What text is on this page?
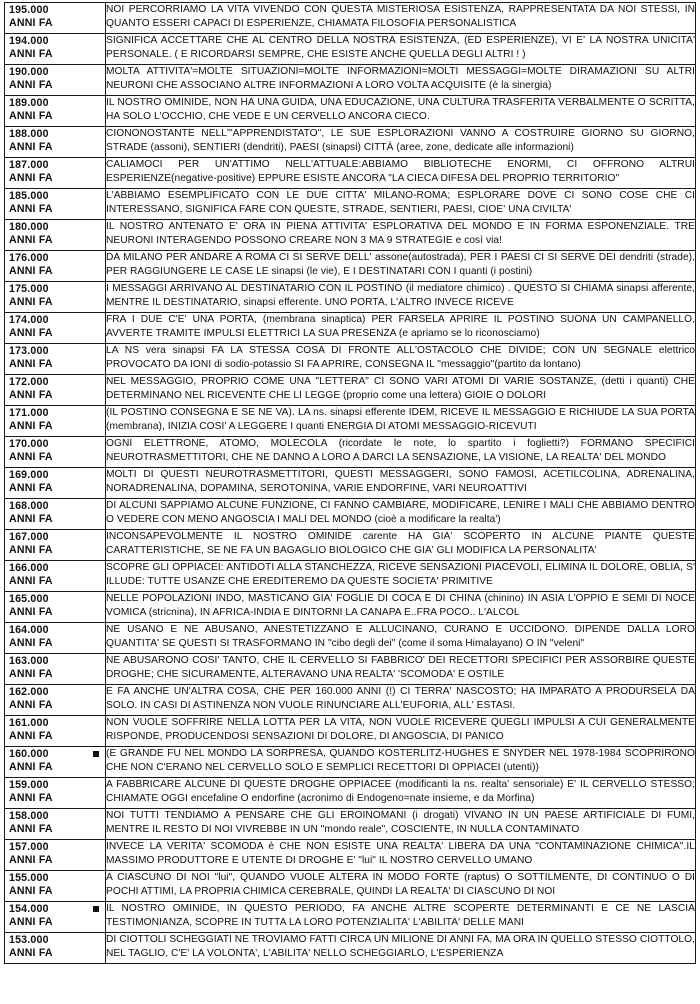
195.000
ANNI FA	NOI PERCORRIAMO LA VITA VIVENDO CON QUESTA MISTERIOSA ESISTENZA, RAPPRESENTATA DA NOI STESSI, IN QUANTO ESSERI CAPACI DI ESPERIENZE, CHIAMATA FILOSOFIA PERSONALISTICA

194.000
ANNI FA	SIGNIFICA ACCETTARE CHE AL CENTRO DELLA NOSTRA ESISTENZA, (ED ESPERIENZE), VI E' LA NOSTRA UNICITA' PERSONALE. ( E RICORDARSI SEMPRE, CHE ESISTE ANCHE QUELLA DEGLI ALTRI ! )

190.000
ANNI FA	MOLTA ATTIVITA'=MOLTE SITUAZIONI=MOLTE INFORMAZIONI=MOLTI MESSAGGI=MOLTE DIRAMAZIONI SU ALTRI NEURONI CHE ASSOCIANO ALTRE INFORMAZIONI A LORO VOLTA ACQUISITE (è la sinergia)

189.000
ANNI FA	IL NOSTRO OMINIDE, NON HA UNA GUIDA, UNA EDUCAZIONE, UNA CULTURA TRASFERITA VERBALMENTE O SCRITTA, HA SOLO L'OCCHIO, CHE VEDE E UN CERVELLO ANCORA CIECO.

188.000
ANNI FA	CIONONOSTANTE NELL'"APPRENDISTATO", LE SUE ESPLORAZIONI VANNO A COSTRUIRE GIORNO SU GIORNO, STRADE (assoni), SENTIERI (dendriti), PAESI (sinapsi) CITTÀ (aree, zone, dedicate alle informazioni)

187.000
ANNI FA	CALIAMOCI PER UN'ATTIMO NELL'ATTUALE:ABBIAMO BIBLIOTECHE ENORMI, CI OFFRONO ALTRUI ESPERIENZE(negative-positive) EPPURE ESISTE ANCORA "LA CIECA DIFESA DEL PROPRIO TERRITORIO"

185.000
ANNI FA	L'ABBIAMO ESEMPLIFICATO CON LE DUE CITTA' MILANO-ROMA; ESPLORARE DOVE CI SONO COSE CHE CI INTERESSANO, SIGNIFICA FARE CON QUESTE, STRADE, SENTIERI, PAESI, CIOE' UNA CIVILTA'

180.000
ANNI FA	IL NOSTRO ANTENATO E' ORA IN PIENA ATTIVITA' ESPLORATIVA DEL MONDO E IN FORMA ESPONENZIALE. TRE NEURONI INTERAGENDO POSSONO CREARE NON 3 MA 9 STRATEGIE e così via!

176.000
ANNI FA	DA MILANO PER ANDARE A ROMA CI SI SERVE DELL' assone(autostrada), PER I PAESI CI SI SERVE DEI dendriti (strade), PER RAGGIUNGERE LE CASE LE sinapsi (le vie), E I DESTINATARI CON I quanti (i postini)

175.000
ANNI FA	I MESSAGGI ARRIVANO AL DESTINATARIO CON IL POSTINO (il mediatore chimico) . QUESTO SI CHIAMA sinapsi afferente, MENTRE IL DESTINATARIO, sinapsi efferente. UNO PORTA, L'ALTRO INVECE RICEVE

174.000
ANNI FA	FRA I DUE C'E' UNA PORTA, (membrana sinaptica) PER FARSELA APRIRE IL POSTINO SUONA UN CAMPANELLO, AVVERTE TRAMITE IMPULSI ELETTRICI LA SUA PRESENZA (e apriamo se lo riconosciamo)

173.000
ANNI FA	LA NS vera sinapsi FA LA STESSA COSA DI FRONTE ALL'OSTACOLO CHE DIVIDE; CON UN SEGNALE elettrico PROVOCATO DA IONI di sodio-potassio SI FA APRIRE, CONSEGNA IL "messaggio"(partito da lontano)

172.000
ANNI FA	NEL MESSAGGIO, PROPRIO COME UNA "LETTERA" CI SONO VARI ATOMI DI VARIE SOSTANZE, (detti i quanti) CHE DETERMINANO NEL RICEVENTE CHE LI LEGGE (proprio come una lettera) GIOIE O DOLORI

171.000
ANNI FA	(IL POSTINO CONSEGNA E SE NE VA). LA ns. sinapsi efferente IDEM, RICEVE IL MESSAGGIO E RICHIUDE LA SUA PORTA (membrana), INIZIA COSI' A LEGGERE I quanti ENERGIA DI ATOMI MESSAGGIO-RICEVUTI

170.000
ANNI FA	OGNI ELETTRONE, ATOMO, MOLECOLA (ricordate le note, lo spartito i foglietti?) FORMANO SPECIFICI NEUROTRASMETTITORI, CHE NE DANNO A LORO A DARCI LA SENSAZIONE, LA VISIONE, LA REALTA' DEL MONDO

169.000
ANNI FA	MOLTI DI QUESTI NEUROTRASMETTITORI, QUESTI MESSAGGERI, SONO FAMOSI, ACETILCOLINA, ADRENALINA, NORADRENALINA, DOPAMINA, SEROTONINA, VARIE ENDORFINE, VARI NEUROATTIVI

168.000
ANNI FA	DI ALCUNI SAPPIAMO ALCUNE FUNZIONE, CI FANNO CAMBIARE, MODIFICARE, LENIRE I MALI CHE ABBIAMO DENTRO O VEDERE CON MENO ANGOSCIA I MALI DEL MONDO (cioè a modificare la realta')

167.000
ANNI FA	INCONSAPEVOLMENTE IL NOSTRO OMINIDE carente HA GIA' SCOPERTO IN ALCUNE PIANTE QUESTE CARATTERISTICHE, SE NE FA UN BAGAGLIO BIOLOGICO CHE GIA' GLI MODIFICA LA PERSONALITA'

166.000
ANNI FA	SCOPRE GLI OPPIACEI: ANTIDOTI ALLA STANCHEZZA, RICEVE SENSAZIONI PIACEVOLI, ELIMINA IL DOLORE, OBLIA, S' ILLUDE: TUTTE USANZE CHE EREDITEREMO DA QUESTE SOCIETA' PRIMITIVE

165.000
ANNI FA	NELLE POPOLAZIONI INDO, MASTICANO GIA' FOGLIE DI COCA E DI CHINA (chinino) IN ASIA L'OPPIO E SEMI DI NOCE VOMICA (stricnina), IN AFRICA-INDIA E DINTORNI LA CANAPA E..FRA POCO.. L'ALCOL

164.000
ANNI FA	NE USANO E NE ABUSANO, ANESTETIZZANO E ALLUCINANO, CURANO E UCCIDONO. DIPENDE DALLA LORO QUANTITA' SE QUESTI SI TRASFORMANO IN "cibo degli dei" (come il soma Himalayano) O IN "veleni"

163.000
ANNI FA	NE ABUSARONO COSI' TANTO, CHE IL CERVELLO SI FABBRICO' DEI RECETTORI SPECIFICI PER ASSORBIRE QUESTE DROGHE; CHE SICURAMENTE, ALTERAVANO UNA REALTA' 'SCOMODA' E OSTILE

162.000
ANNI FA	E FA ANCHE UN'ALTRA COSA, CHE PER 160.000 ANNI (!) CI TERRA' NASCOSTO; HA IMPARATO A PRODURSELA DA SOLO. IN CASI DI ASTINENZA NON VUOLE RINUNCIARE ALL'EUFORIA, ALL' ESTASI.

161.000
ANNI FA	NON VUOLE SOFFRIRE NELLA LOTTA PER LA VITA, NON VUOLE RICEVERE QUEGLI IMPULSI A CUI GENERALMENTE RISPONDE, PRODUCENDOSI SENSAZIONI DI DOLORE, DI ANGOSCIA, DI PANICO

160.000
ANNI FA	(E GRANDE FU NEL MONDO LA SORPRESA, QUANDO KOSTERLITZ-HUGHES E SNYDER NEL 1978-1984 SCOPRIRONO CHE NON C'ERANO NEL CERVELLO SOLO E SEMPLICI RECETTORI DI OPPIACEI (utenti))

159.000
ANNI FA	A FABBRICARE ALCUNE DI QUESTE DROGHE OPPIACEE (modificanti la ns. realta' sensoriale) E' IL CERVELLO STESSO; CHIAMATE OGGI encefaline O endorfine (acronimo di Endogeno=nate insieme, e da Morfina)

158.000
ANNI FA	NOI TUTTI TENDIAMO A PENSARE CHE GLI EROINOMANI (i drogati) VIVANO IN UN PAESE ARTIFICIALE DI FUMI, MENTRE IL RESTO DI NOI VIVREBBE IN UN "mondo reale", COSCIENTE, IN NULLA CONTAMINATO

157.000
ANNI FA	INVECE LA VERITA' SCOMODA è CHE NON ESISTE UNA REALTA' LIBERA DA UNA "CONTAMINAZIONE CHIMICA".IL MASSIMO PRODUTTORE E UTENTE DI DROGHE E' "lui" IL NOSTRO CERVELLO UMANO

155.000
ANNI FA	A CIASCUNO DI NOI "lui", QUANDO VUOLE ALTERA IN MODO FORTE (raptus) O SOTTILMENTE, DI CONTINUO O DI POCHI ATTIMI, LA PROPRIA CHIMICA CEREBRALE, QUINDI LA REALTA' DI CIASCUNO DI NOI

154.000
ANNI FA	IL NOSTRO OMINIDE, IN QUESTO PERIODO, FA ANCHE ALTRE SCOPERTE DETERMINANTI E CE NE LASCIA TESTIMONIANZA, SCOPRE IN TUTTA LA LORO POTENZIALITA' L'ABILITA' DELLE MANI

153.000
ANNI FA	DI CIOTTOLI SCHEGGIATI NE TROVIAMO FATTI CIRCA UN MILIONE DI ANNI FA, MA ORA IN QUELLO STESSO CIOTTOLO, NEL TAGLIO, C'E' LA VOLONTA', L'ABILITA' NELLO SCHEGGIARLO, L'ESPERIENZA
